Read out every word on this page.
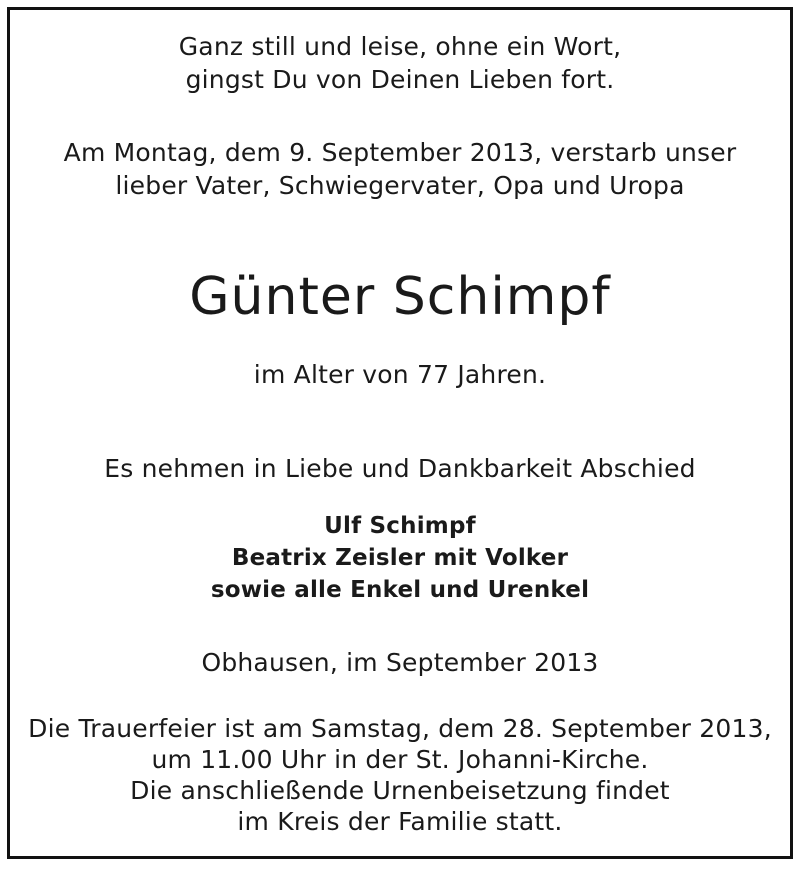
Ganz still und leise, ohne ein Wort,
gingst Du von Deinen Lieben fort.
Am Montag, dem 9. September 2013, verstarb unser
lieber Vater, Schwiegervater, Opa und Uropa
Günter Schimpf
im Alter von 77 Jahren.
Es nehmen in Liebe und Dankbarkeit Abschied
Ulf Schimpf
Beatrix Zeisler mit Volker
sowie alle Enkel und Urenkel
Obhausen, im September 2013
Die Trauerfeier ist am Samstag, dem 28. September 2013,
um 11.00 Uhr in der St. Johanni-Kirche.
Die anschließende Urnenbeisetzung findet
im Kreis der Familie statt.
